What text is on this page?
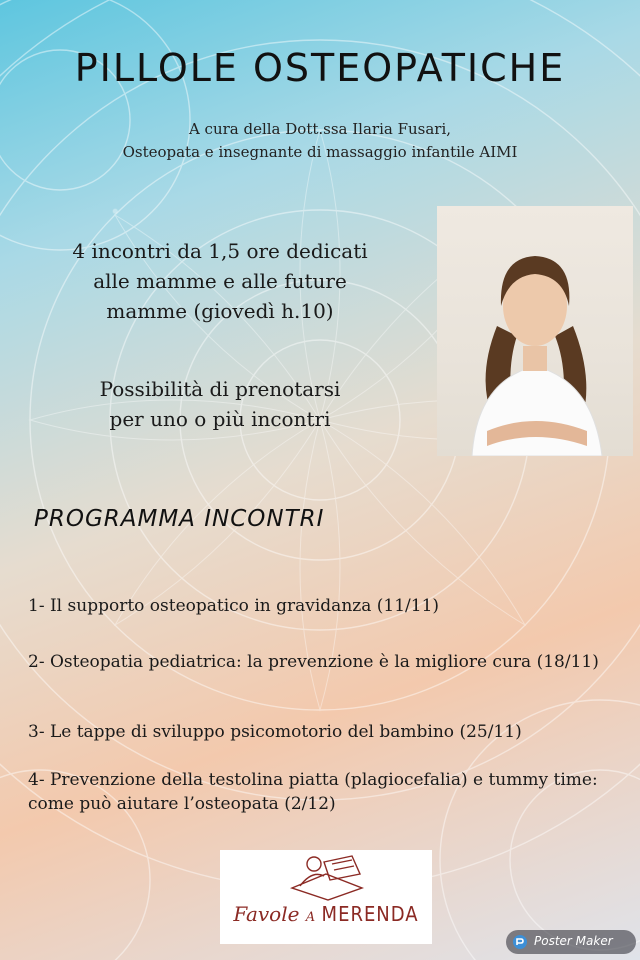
PILLOLE OSTEOPATICHE
A cura della Dott.ssa Ilaria Fusari,
Osteopata e insegnante di massaggio infantile AIMI
4 incontri da 1,5 ore dedicati
alle mamme e alle future
mamme (giovedì h.10)
Possibilità di prenotarsi
per uno o più incontri
PROGRAMMA INCONTRI
1- Il supporto osteopatico in gravidanza (11/11)
2- Osteopatia pediatrica: la prevenzione è la migliore cura (18/11)
3- Le tappe di sviluppo psicomotorio del bambino (25/11)
4- Prevenzione della testolina piatta (plagiocefalia) e tummy time: come può aiutare l’osteopata (2/12)
Favole A MERENDA
Poster Maker
